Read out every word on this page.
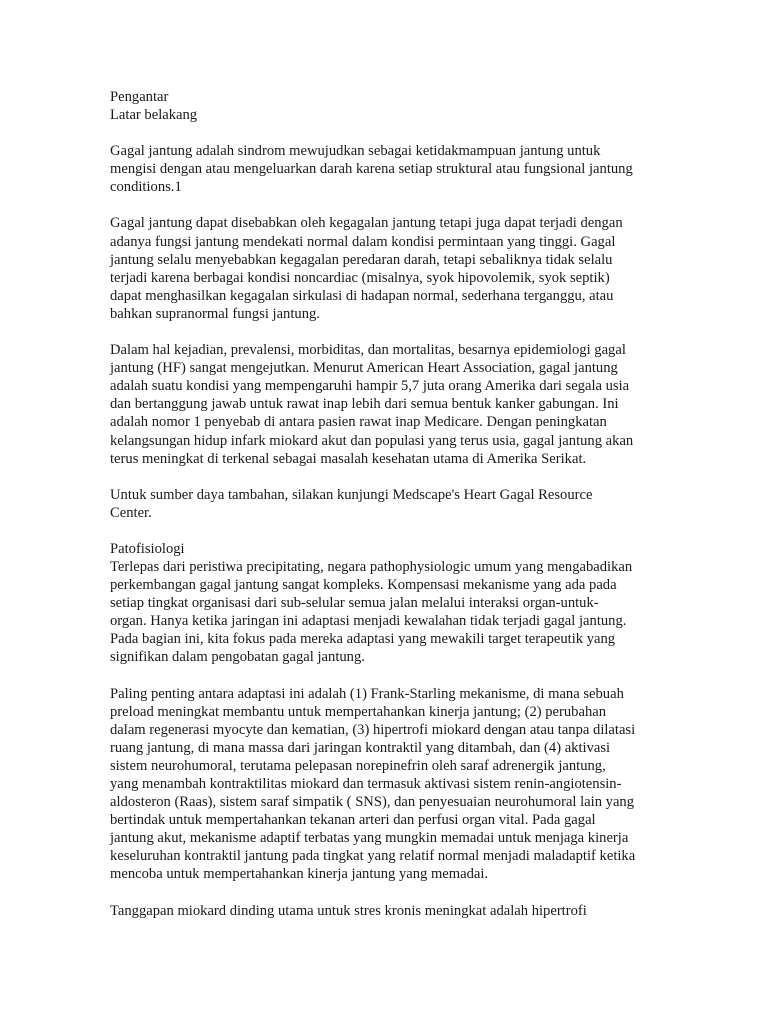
Pengantar
Latar belakang
Gagal jantung adalah sindrom mewujudkan sebagai ketidakmampuan jantung untuk
mengisi dengan atau mengeluarkan darah karena setiap struktural atau fungsional jantung
conditions.1
Gagal jantung dapat disebabkan oleh kegagalan jantung tetapi juga dapat terjadi dengan
adanya fungsi jantung mendekati normal dalam kondisi permintaan yang tinggi. Gagal
jantung selalu menyebabkan kegagalan peredaran darah, tetapi sebaliknya tidak selalu
terjadi karena berbagai kondisi noncardiac (misalnya, syok hipovolemik, syok septik)
dapat menghasilkan kegagalan sirkulasi di hadapan normal, sederhana terganggu, atau
bahkan supranormal fungsi jantung.
Dalam hal kejadian, prevalensi, morbiditas, dan mortalitas, besarnya epidemiologi gagal
jantung (HF) sangat mengejutkan. Menurut American Heart Association, gagal jantung
adalah suatu kondisi yang mempengaruhi hampir 5,7 juta orang Amerika dari segala usia
dan bertanggung jawab untuk rawat inap lebih dari semua bentuk kanker gabungan. Ini
adalah nomor 1 penyebab di antara pasien rawat inap Medicare. Dengan peningkatan
kelangsungan hidup infark miokard akut dan populasi yang terus usia, gagal jantung akan
terus meningkat di terkenal sebagai masalah kesehatan utama di Amerika Serikat.
Untuk sumber daya tambahan, silakan kunjungi Medscape's Heart Gagal Resource
Center.
Patofisiologi
Terlepas dari peristiwa precipitating, negara pathophysiologic umum yang mengabadikan
perkembangan gagal jantung sangat kompleks. Kompensasi mekanisme yang ada pada
setiap tingkat organisasi dari sub-selular semua jalan melalui interaksi organ-untuk-
organ. Hanya ketika jaringan ini adaptasi menjadi kewalahan tidak terjadi gagal jantung.
Pada bagian ini, kita fokus pada mereka adaptasi yang mewakili target terapeutik yang
signifikan dalam pengobatan gagal jantung.
Paling penting antara adaptasi ini adalah (1) Frank-Starling mekanisme, di mana sebuah
preload meningkat membantu untuk mempertahankan kinerja jantung; (2) perubahan
dalam regenerasi myocyte dan kematian, (3) hipertrofi miokard dengan atau tanpa dilatasi
ruang jantung, di mana massa dari jaringan kontraktil yang ditambah, dan (4) aktivasi
sistem neurohumoral, terutama pelepasan norepinefrin oleh saraf adrenergik jantung,
yang menambah kontraktilitas miokard dan termasuk aktivasi sistem renin-angiotensin-
aldosteron (Raas), sistem saraf simpatik ( SNS), dan penyesuaian neurohumoral lain yang
bertindak untuk mempertahankan tekanan arteri dan perfusi organ vital. Pada gagal
jantung akut, mekanisme adaptif terbatas yang mungkin memadai untuk menjaga kinerja
keseluruhan kontraktil jantung pada tingkat yang relatif normal menjadi maladaptif ketika
mencoba untuk mempertahankan kinerja jantung yang memadai.
Tanggapan miokard dinding utama untuk stres kronis meningkat adalah hipertrofi
